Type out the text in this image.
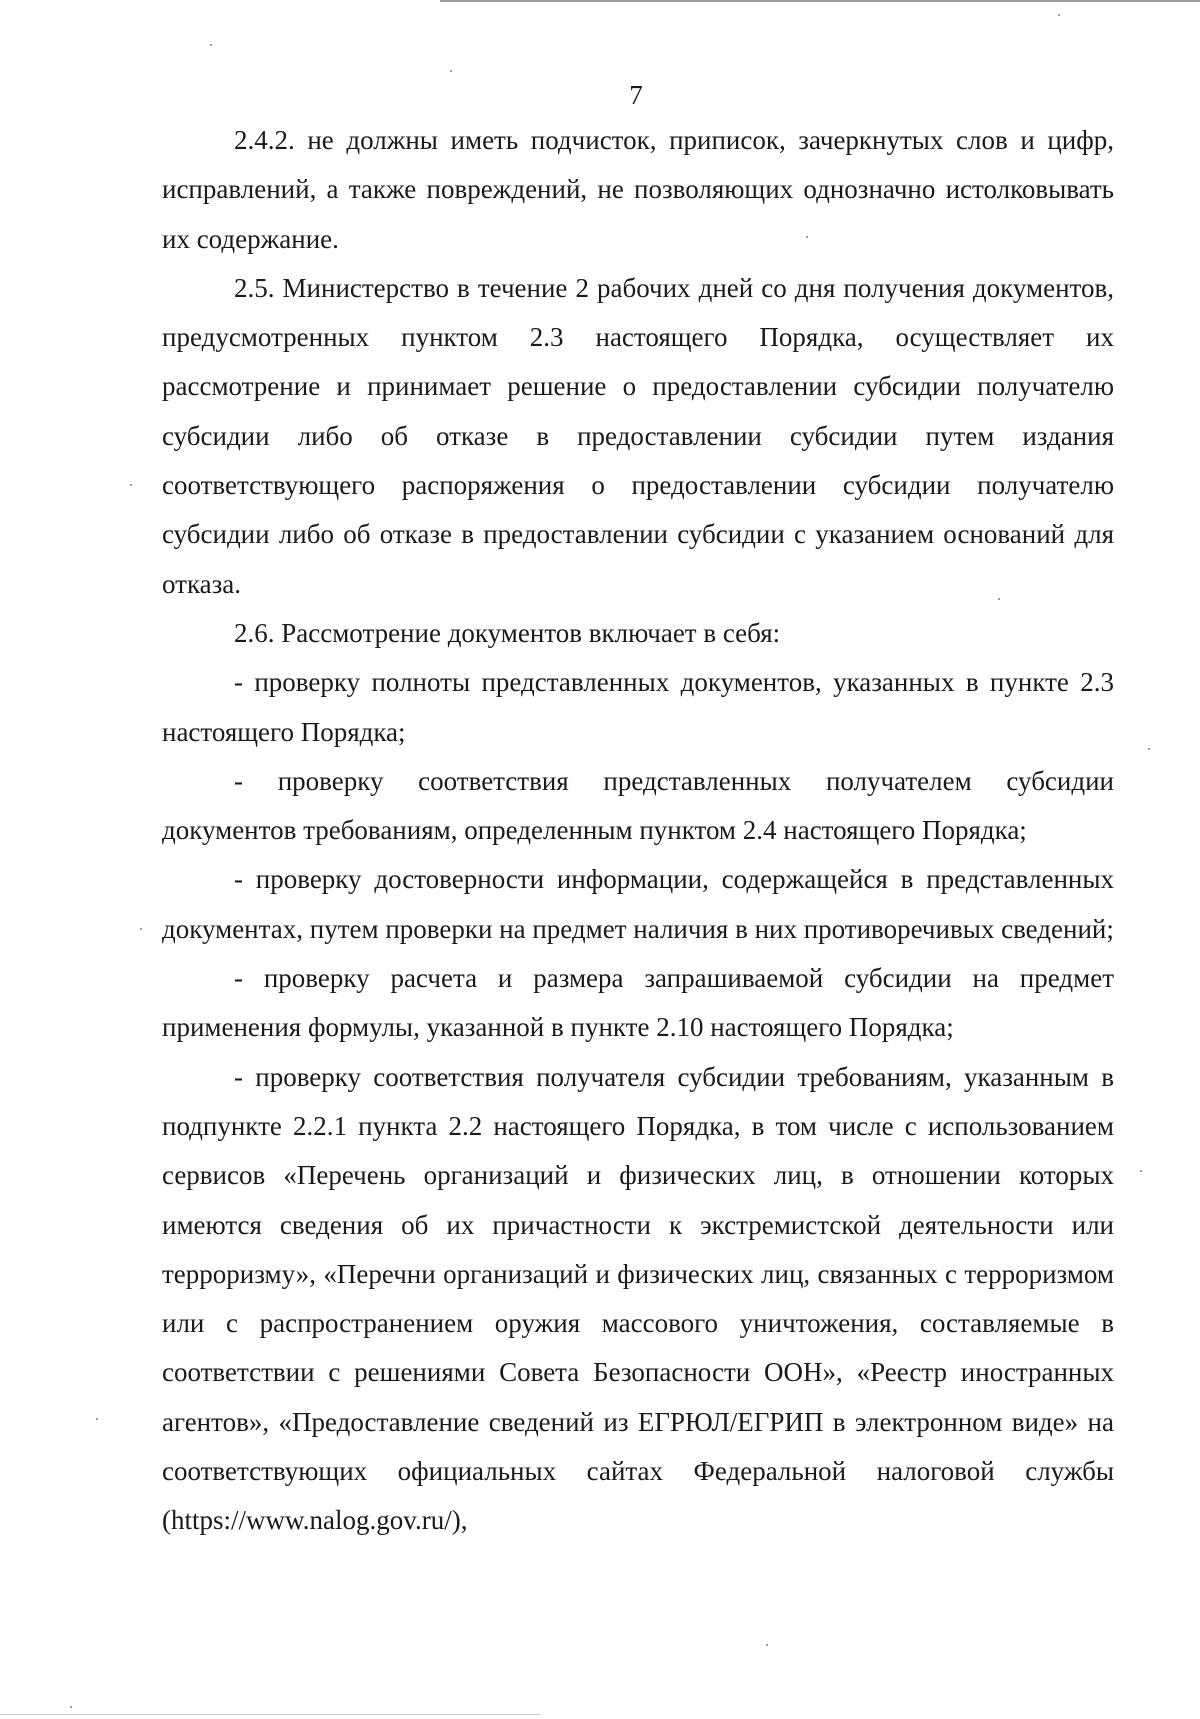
7

2.4.2. не должны иметь подчисток, приписок, зачеркнутых слов и цифр, исправлений, а также повреждений, не позволяющих однозначно истолковывать их содержание.

2.5. Министерство в течение 2 рабочих дней со дня получения документов, предусмотренных пунктом 2.3 настоящего Порядка, осуществляет их рассмотрение и принимает решение о предоставлении субсидии получателю субсидии либо об отказе в предоставлении субсидии путем издания соответствующего распоряжения о предоставлении субсидии получателю субсидии либо об отказе в предоставлении субсидии с указанием оснований для отказа.

2.6. Рассмотрение документов включает в себя:

- проверку полноты представленных документов, указанных в пункте 2.3 настоящего Порядка;

- проверку соответствия представленных получателем субсидии документов требованиям, определенным пунктом 2.4 настоящего Порядка;

- проверку достоверности информации, содержащейся в представленных документах, путем проверки на предмет наличия в них противоречивых сведений;

- проверку расчета и размера запрашиваемой субсидии на предмет применения формулы, указанной в пункте 2.10 настоящего Порядка;

- проверку соответствия получателя субсидии требованиям, указанным в подпункте 2.2.1 пункта 2.2 настоящего Порядка, в том числе с использованием сервисов «Перечень организаций и физических лиц, в отношении которых имеются сведения об их причастности к экстремистской деятельности или терроризму», «Перечни организаций и физических лиц, связанных с терроризмом или с распространением оружия массового уничтожения, составляемые в соответствии с решениями Совета Безопасности ООН», «Реестр иностранных агентов», «Предоставление сведений из ЕГРЮЛ/ЕГРИП в электронном виде» на соответствующих официальных сайтах Федеральной налоговой службы (https://www.nalog.gov.ru/),
